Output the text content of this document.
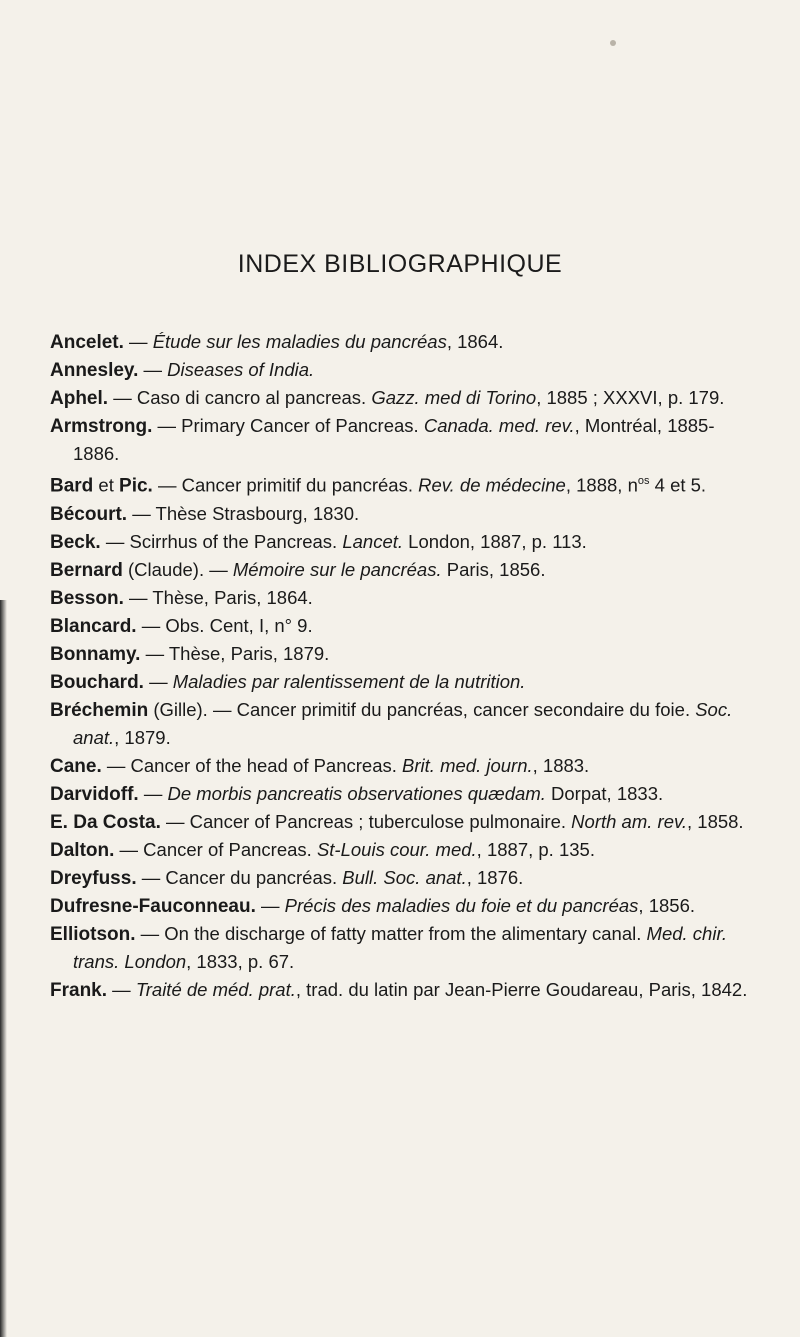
INDEX BIBLIOGRAPHIQUE

Ancelet. — Étude sur les maladies du pancréas, 1864.

Annesley. — Diseases of India.

Aphel. — Caso di cancro al pancreas. Gazz. med di Torino, 1885 ; XXXVI, p. 179.

Armstrong. — Primary Cancer of Pancreas. Canada. med. rev., Montréal, 1885-1886.

Bard et Pic. — Cancer primitif du pancréas. Rev. de médecine, 1888, $n^{os}$ 4 et 5.

Bécourt. — Thèse Strasbourg, 1830.

Beck. — Scirrhus of the Pancreas. Lancet. London, 1887, p. 113.

Bernard (Claude). — Mémoire sur le pancréas. Paris, 1856.

Besson. — Thèse, Paris, 1864.

Blancard. — Obs. Cent, I, n° 9.

Bonnamy. — Thèse, Paris, 1879.

Bouchard. — Maladies par ralentissement de la nutrition.

Bréchemin (Gille). — Cancer primitif du pancréas, cancer secondaire du foie. Soc. anat., 1879.

Cane. — Cancer of the head of Pancreas. Brit. med. journ., 1883.

Darvidoff. — De morbis pancreatis observationes quædam. Dorpat, 1833.

E. Da Costa. — Cancer of Pancreas ; tuberculose pulmonaire. North am. rev., 1858.

Dalton. — Cancer of Pancreas. St-Louis cour. med., 1887, p. 135.

Dreyfuss. — Cancer du pancréas. Bull. Soc. anat., 1876.

Dufresne-Fauconneau. — Précis des maladies du foie et du pancréas, 1856.

Elliotson. — On the discharge of fatty matter from the alimentary canal. Med. chir. trans. London, 1833, p. 67.

Frank. — Traité de méd. prat., trad. du latin par Jean-Pierre Goudareau, Paris, 1842.
